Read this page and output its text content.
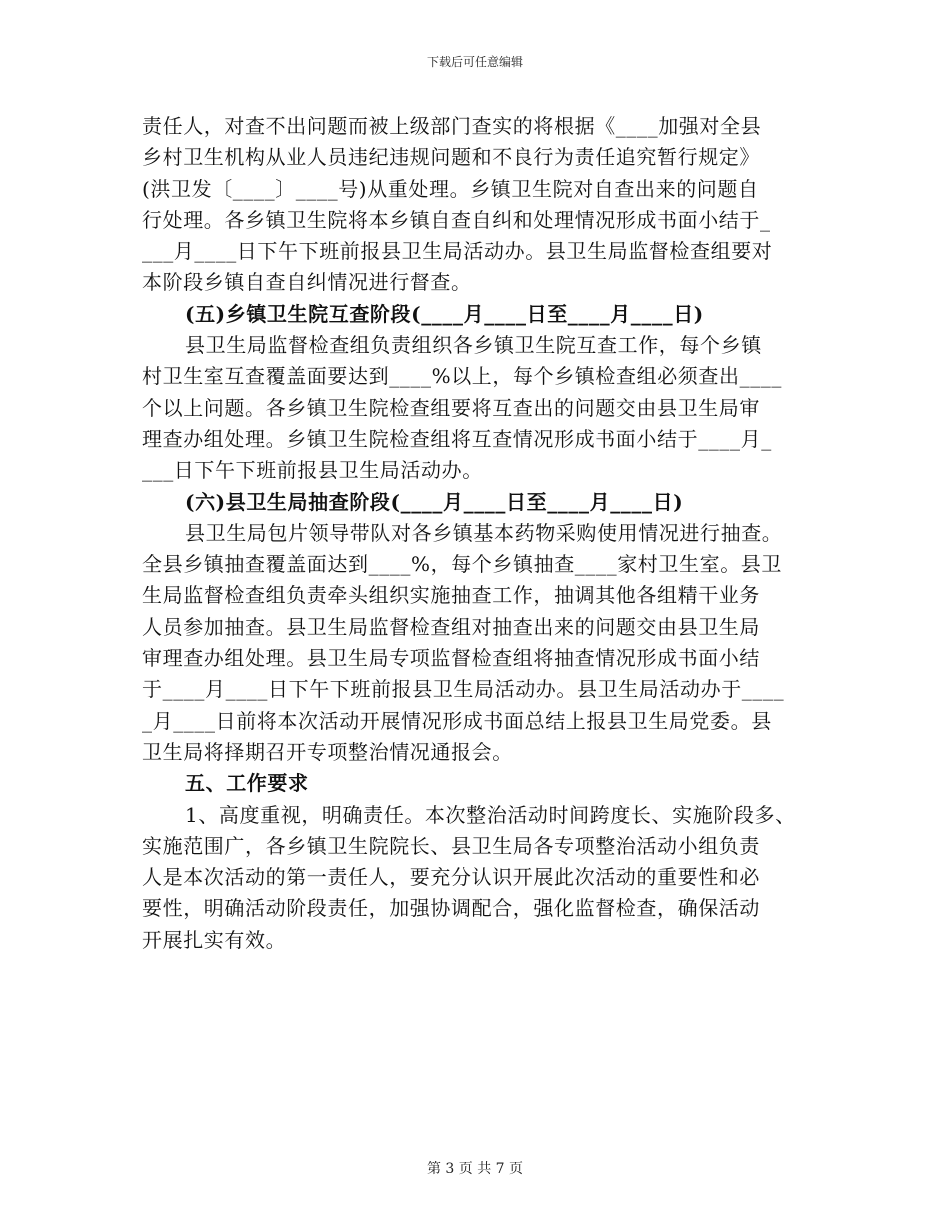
下载后可任意编辑
责任人，对查不出问题而被上级部门查实的将根据《____加强对全县
乡村卫生机构从业人员违纪违规问题和不良行为责任追究暂行规定》
(洪卫发〔____〕____号)从重处理。乡镇卫生院对自查出来的问题自
行处理。各乡镇卫生院将本乡镇自查自纠和处理情况形成书面小结于_
___月____日下午下班前报县卫生局活动办。县卫生局监督检查组要对
本阶段乡镇自查自纠情况进行督查。
(五)乡镇卫生院互查阶段(____月____日至____月____日)
县卫生局监督检查组负责组织各乡镇卫生院互查工作，每个乡镇
村卫生室互查覆盖面要达到____%以上，每个乡镇检查组必须查出____
个以上问题。各乡镇卫生院检查组要将互查出的问题交由县卫生局审
理查办组处理。乡镇卫生院检查组将互查情况形成书面小结于____月_
___日下午下班前报县卫生局活动办。
(六)县卫生局抽查阶段(____月____日至____月____日)
县卫生局包片领导带队对各乡镇基本药物采购使用情况进行抽查。
全县乡镇抽查覆盖面达到____%，每个乡镇抽查____家村卫生室。县卫
生局监督检查组负责牵头组织实施抽查工作，抽调其他各组精干业务
人员参加抽查。县卫生局监督检查组对抽查出来的问题交由县卫生局
审理查办组处理。县卫生局专项监督检查组将抽查情况形成书面小结
于____月____日下午下班前报县卫生局活动办。县卫生局活动办于____
_月____日前将本次活动开展情况形成书面总结上报县卫生局党委。县
卫生局将择期召开专项整治情况通报会。
五、工作要求
1、高度重视，明确责任。本次整治活动时间跨度长、实施阶段多、
实施范围广，各乡镇卫生院院长、县卫生局各专项整治活动小组负责
人是本次活动的第一责任人，要充分认识开展此次活动的重要性和必
要性，明确活动阶段责任，加强协调配合，强化监督检查，确保活动
开展扎实有效。
第 3 页 共 7 页
